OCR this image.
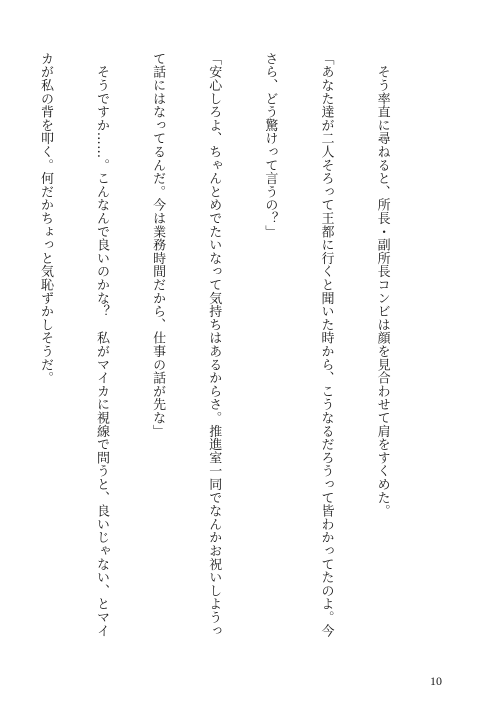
　そう率直に尋ねると、所長・副所長コンビは顔を見合わせて肩をすくめた。

「あなた達が二人そろって王都に行くと聞いた時から、こうなるだろうって皆わかってたのよ。今

さら、どう驚けって言うの？」

「安心しろよ、ちゃんとめでたいなって気持ちはあるからさ。推進室一同でなんかお祝いしようっ

て話にはなってるんだ。今は業務時間だから、仕事の話が先な」

　そうですか……。こんなんで良いのかな？　私がマイカに視線で問うと、良いじゃない、とマイ

カが私の背を叩く。何だかちょっと気恥ずかしそうだ。

10
